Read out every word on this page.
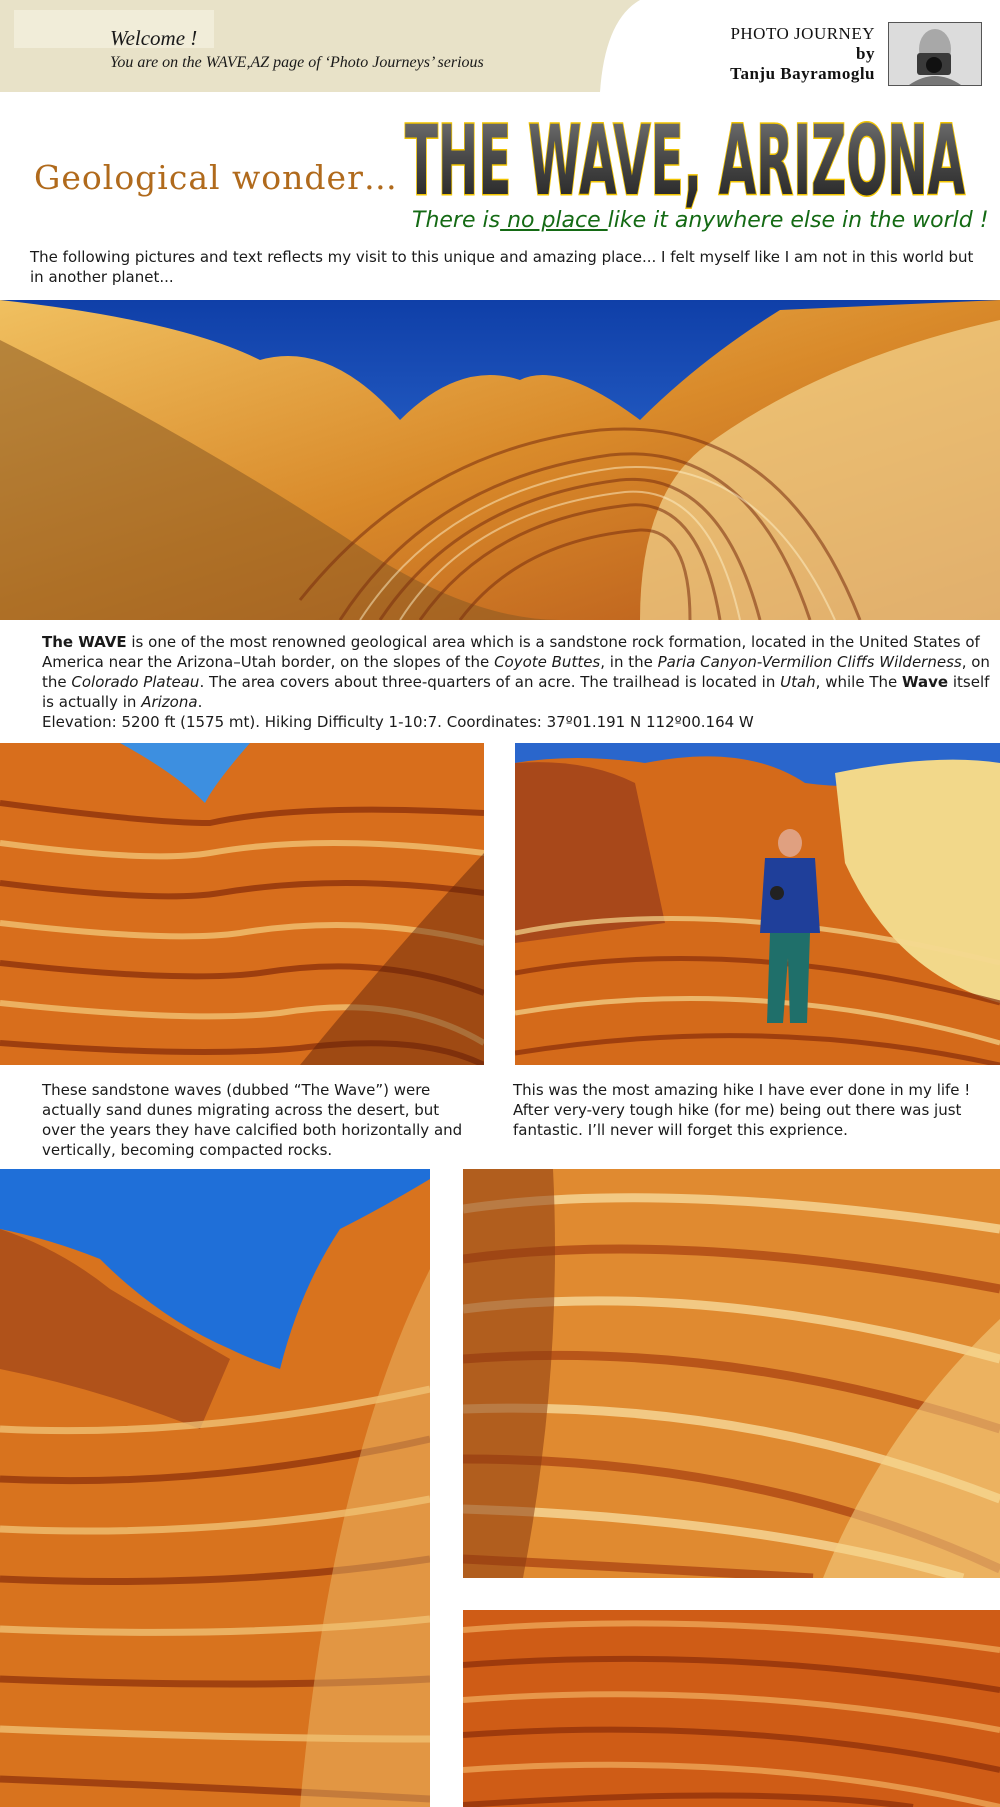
Welcome !
You are on the WAVE,AZ page of ‘Photo Journeys’ serious
PHOTO JOURNEY
by
Tanju Bayramoglu
Geological wonder… THE WAVE, ARIZONA
There is no place like it anywhere else in the world !
The following pictures and text reflects my visit to this unique and amazing place... I felt myself like I am not in this world but in another planet...
The WAVE is one of the most renowned geological area which is a sandstone rock formation, located in the United States of America near the Arizona–Utah border, on the slopes of the Coyote Buttes, in the Paria Canyon-Vermilion Cliffs Wilderness, on the Colorado Plateau. The area covers about three-quarters of an acre. The trailhead is located in Utah, while The Wave itself is actually in Arizona.
Elevation: 5200 ft (1575 mt). Hiking Difficulty 1-10:7. Coordinates: 37º01.191 N 112º00.164 W
These sandstone waves (dubbed “The Wave”) were actually sand dunes migrating across the desert, but over the years they have calcified both horizontally and vertically, becoming compacted rocks.
This was the most amazing hike I have ever done in my life ! After very-very tough hike (for me) being out there was just fantastic. I’ll never will forget this exprience.
